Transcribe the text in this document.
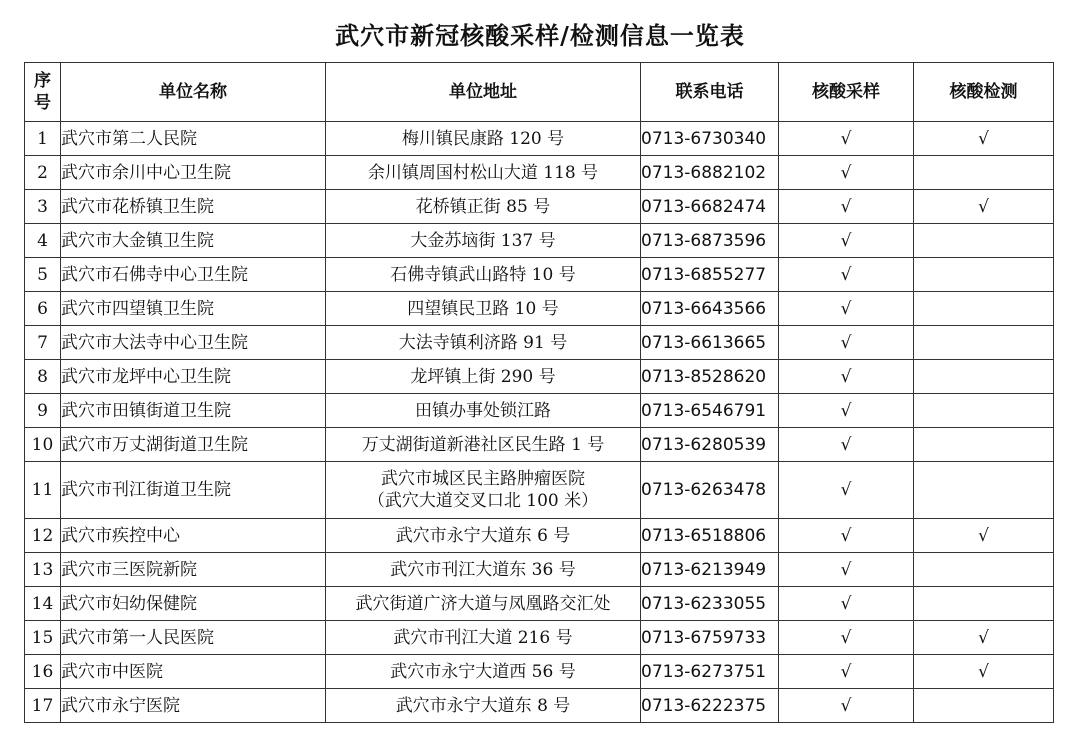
武穴市新冠核酸采样/检测信息一览表
序
号	单位名称	单位地址	联系电话	核酸采样	核酸检测
1	武穴市第二人民院	梅川镇民康路 120 号	0713-6730340	√	√
2	武穴市余川中心卫生院	余川镇周国村松山大道 118 号	0713-6882102	√	
3	武穴市花桥镇卫生院	花桥镇正街 85 号	0713-6682474	√	√
4	武穴市大金镇卫生院	大金苏垴街 137 号	0713-6873596	√	
5	武穴市石佛寺中心卫生院	石佛寺镇武山路特 10 号	0713-6855277	√	
6	武穴市四望镇卫生院	四望镇民卫路 10 号	0713-6643566	√	
7	武穴市大法寺中心卫生院	大法寺镇利济路 91 号	0713-6613665	√	
8	武穴市龙坪中心卫生院	龙坪镇上街 290 号	0713-8528620	√	
9	武穴市田镇街道卫生院	田镇办事处锁江路	0713-6546791	√	
10	武穴市万丈湖街道卫生院	万丈湖街道新港社区民生路 1 号	0713-6280539	√	
11	武穴市刊江街道卫生院	武穴市城区民主路肿瘤医院
（武穴大道交叉口北 100 米）	0713-6263478	√	
12	武穴市疾控中心	武穴市永宁大道东 6 号	0713-6518806	√	√
13	武穴市三医院新院	武穴市刊江大道东 36 号	0713-6213949	√	
14	武穴市妇幼保健院	武穴街道广济大道与凤凰路交汇处	0713-6233055	√	
15	武穴市第一人民医院	武穴市刊江大道 216 号	0713-6759733	√	√
16	武穴市中医院	武穴市永宁大道西 56 号	0713-6273751	√	√
17	武穴市永宁医院	武穴市永宁大道东 8 号	0713-6222375	√	
